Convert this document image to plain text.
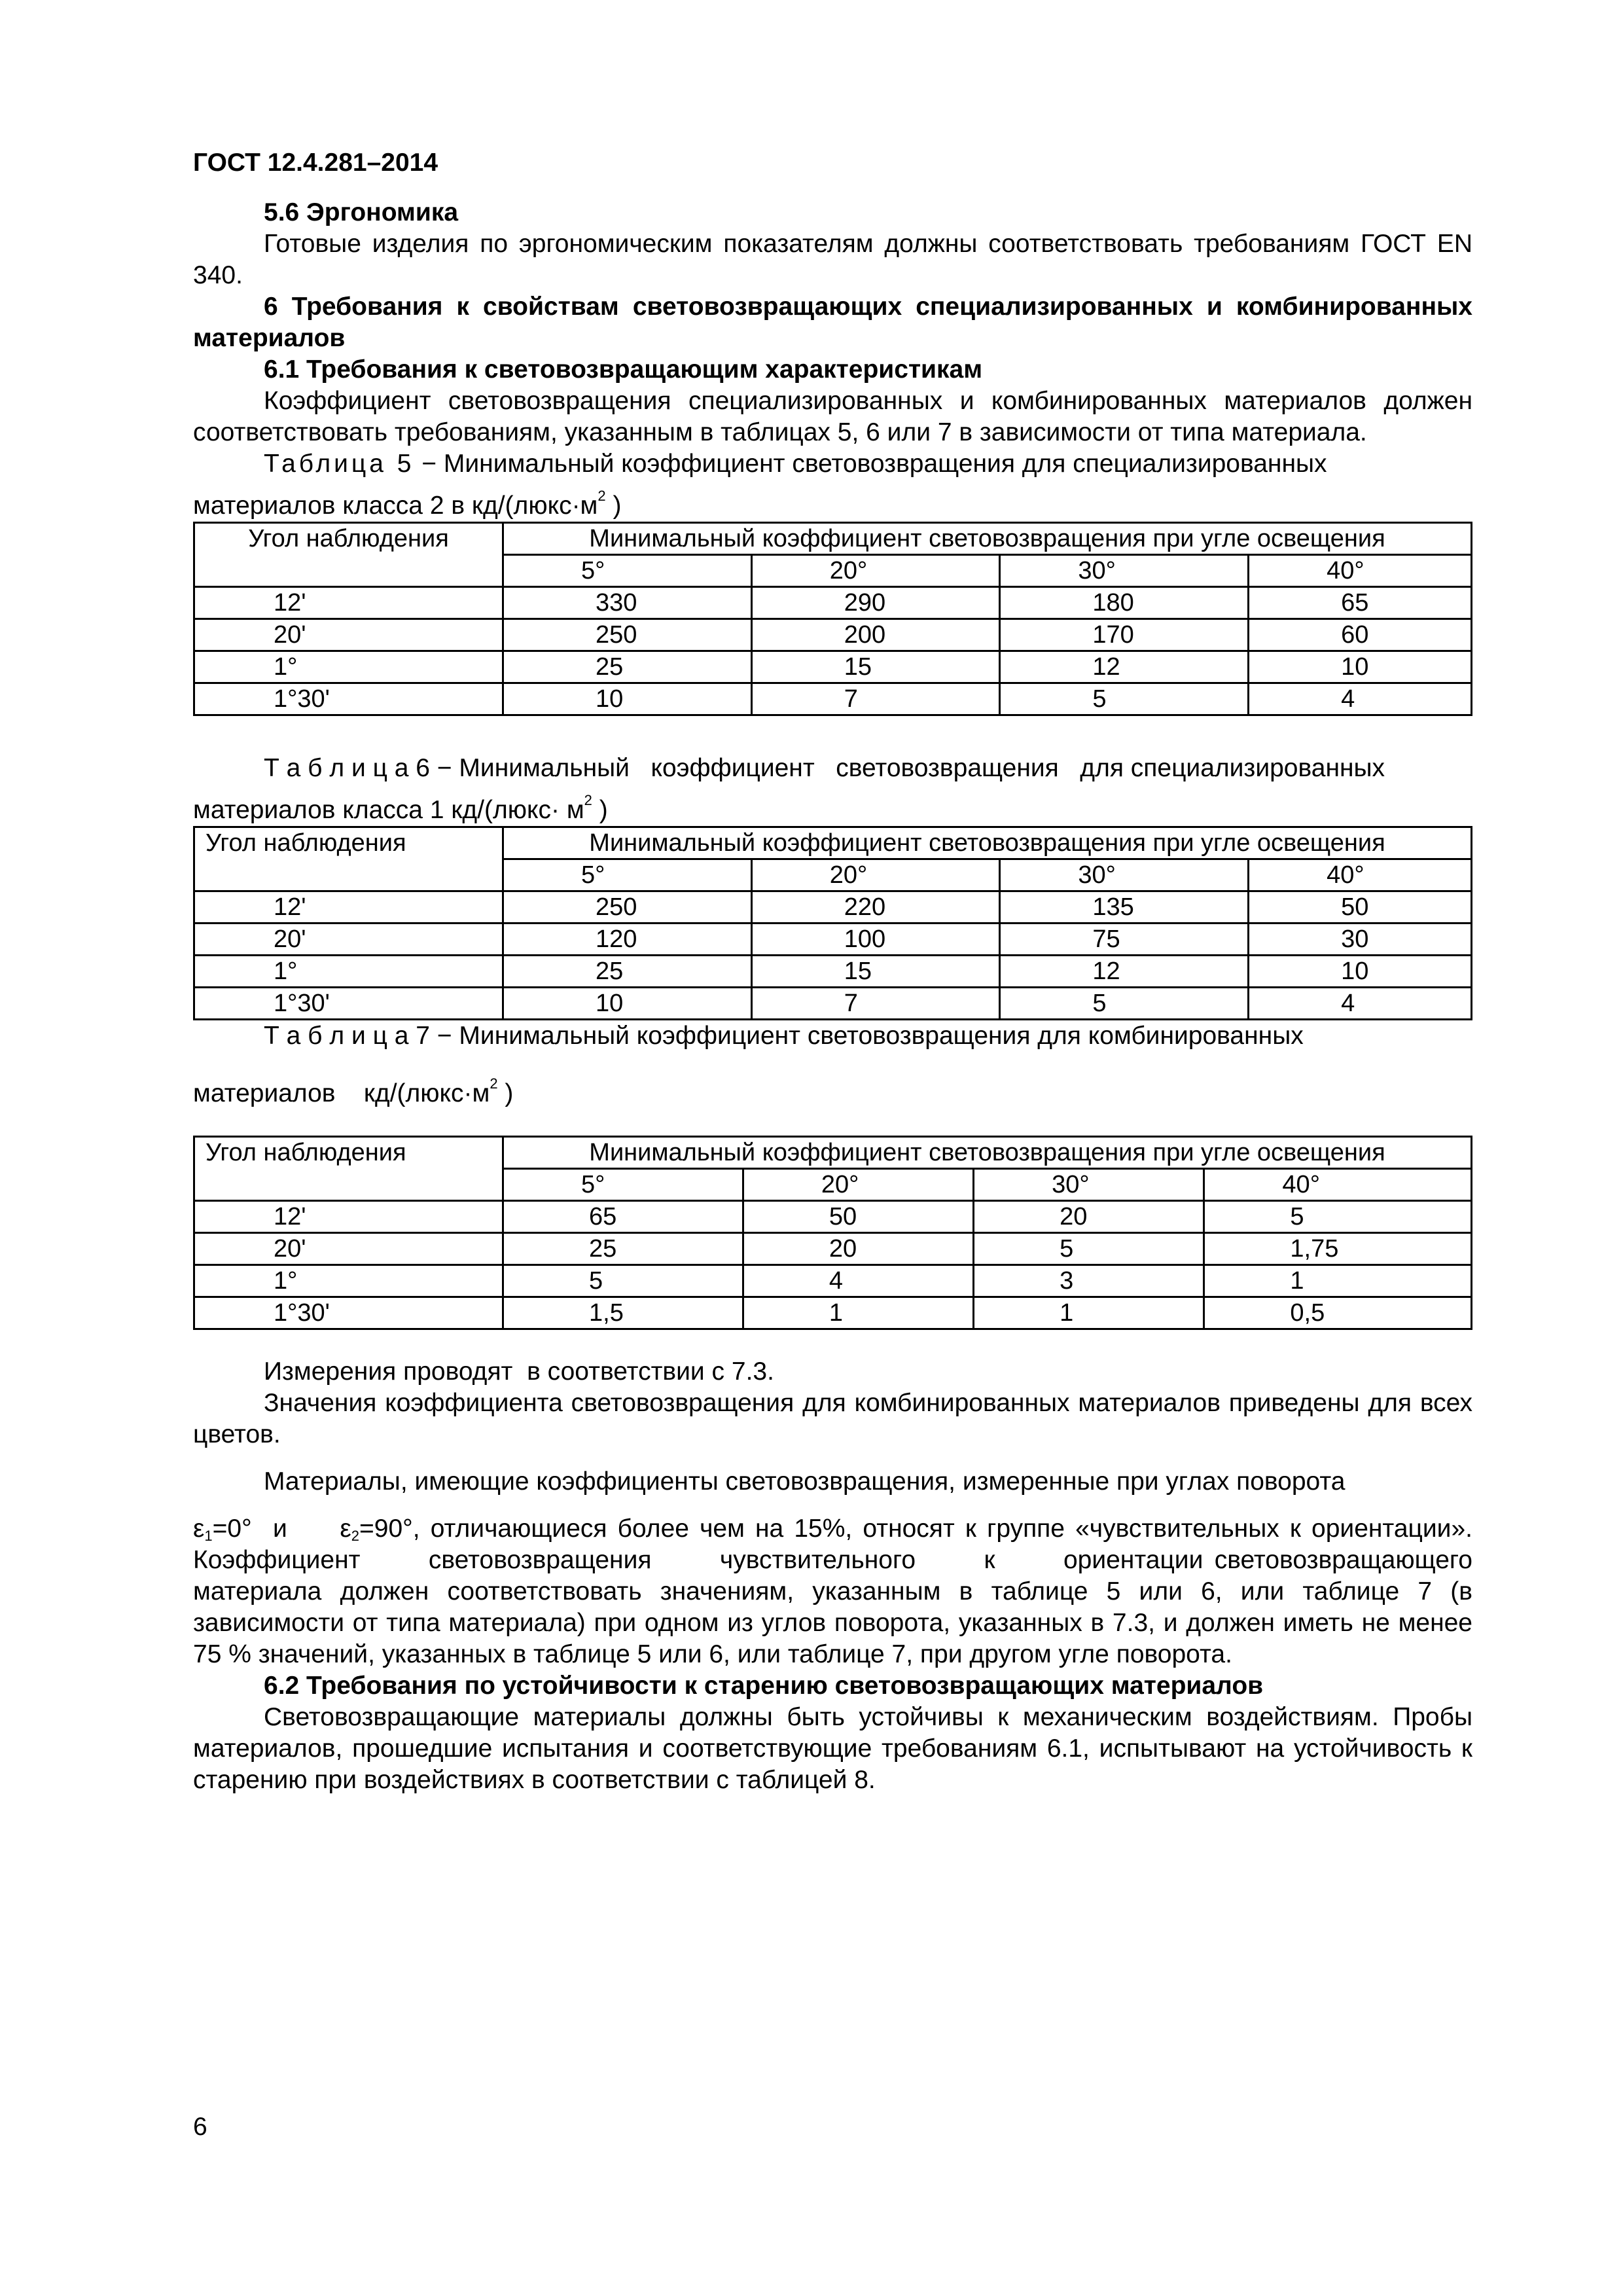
ГОСТ 12.4.281–2014

5.6 Эргономика

Готовые изделия по эргономическим показателям должны соответствовать требованиям ГОСТ EN 340.

6 Требования к свойствам световозвращающих специализированных и комбинированных материалов

6.1 Требования к световозвращающим характеристикам

Коэффициент световозвращения специализированных и комбинированных материалов должен соответствовать требованиям, указанным в таблицах 5, 6 или 7 в зависимости от типа материала.

Таблица 5 − Минимальный коэффициент световозвращения для специализированных

материалов класса 2 в $кд/(люкс\cdot м^2$ )

Угол наблюдения	Минимальный коэффициент световозвращения при угле освещения			
	5°	20°	30°	40°
12'	330	290	180	65
20'	250	200	170	60
1°	25	15	12	10
1°30'	10	7	5	4

Т а б л и ц а 6 − Минимальный   коэффициент   световозвращения   для специализированных

материалов класса 1 кд/(люкс· $м^2$ )

Угол наблюдения	Минимальный коэффициент световозвращения при угле освещения			
	5°	20°	30°	40°
12'	250	220	135	50
20'	120	100	75	30
1°	25	15	12	10
1°30'	10	7	5	4

Т а б л и ц а 7 − Минимальный коэффициент световозвращения для комбинированных

материалов    $кд/(люкс\cdot м^2$ )

Угол наблюдения	Минимальный коэффициент световозвращения при угле освещения			
	5°	20°	30°	40°
12'	65	50	20	5
20'	25	20	5	1,75
1°	5	4	3	1
1°30'	1,5	1	1	0,5

Измерения проводят  в соответствии с 7.3.

Значения коэффициента световозвращения для комбинированных материалов приведены для всех цветов.

Материалы, имеющие коэффициенты световозвращения, измеренные при углах поворота

$\varepsilon_1=0^\circ$  и     $\varepsilon_2=90^\circ$, отличающиеся более чем на 15%, относят к группе «чувствительных к ориентации».      Коэффициент      световозвращения      чувствительного      к      ориентации световозвращающего материала должен соответствовать значениям, указанным в таблице 5 или 6, или таблице 7 (в зависимости от типа материала) при одном из углов поворота, указанных в 7.3, и должен иметь не менее 75 % значений, указанных в таблице 5 или 6, или таблице 7, при другом угле поворота.

6.2 Требования по устойчивости к старению световозвращающих материалов

Световозвращающие материалы должны быть устойчивы к механическим воздействиям. Пробы материалов, прошедшие испытания и соответствующие требованиям 6.1, испытывают на устойчивость к старению при воздействиях в соответствии с таблицей 8.

6
